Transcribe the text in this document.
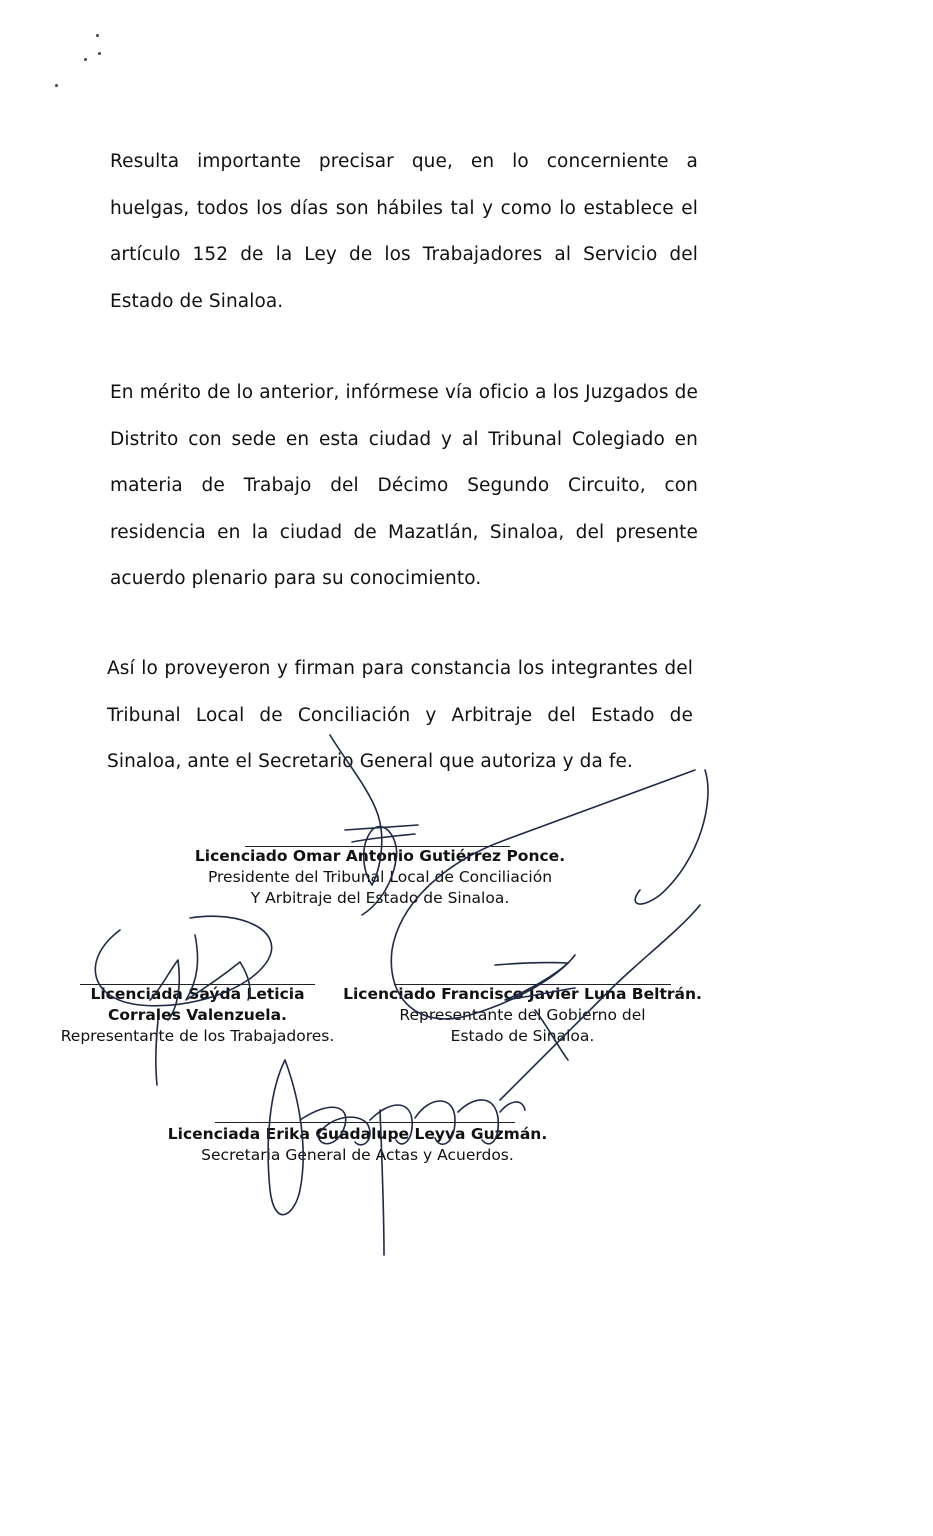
Resulta importante precisar que, en lo concerniente a huelgas, todos los días son hábiles tal y como lo establece el artículo 152 de la Ley de los Trabajadores al Servicio del Estado de Sinaloa.

En mérito de lo anterior, infórmese vía oficio a los Juzgados de Distrito con sede en esta ciudad y al Tribunal Colegiado en materia de Trabajo del Décimo Segundo Circuito, con residencia en la ciudad de Mazatlán, Sinaloa, del presente acuerdo plenario para su conocimiento.

Así lo proveyeron y firman para constancia los integrantes del Tribunal Local de Conciliación y Arbitraje del Estado de Sinaloa, ante el Secretario General que autoriza y da fe.

Licenciado Omar Antonio Gutiérrez Ponce.
Presidente del Tribunal Local de Conciliación
Y Arbitraje del Estado de Sinaloa.
Licenciada Saýda Leticia
Corrales Valenzuela.
Representante de los Trabajadores.
Licenciado Francisco Javier Luna Beltrán.
Representante del Gobierno del
Estado de Sinaloa.
Licenciada Erika Guadalupe Leyva Guzmán.
Secretaria General de Actas y Acuerdos.
